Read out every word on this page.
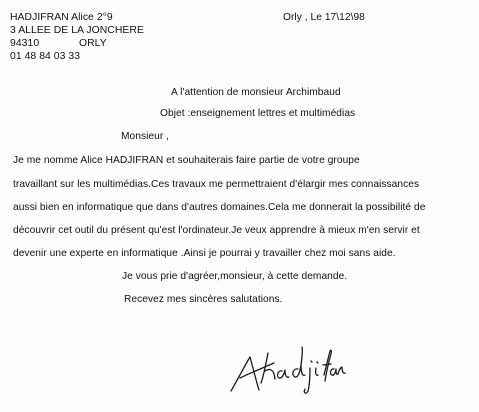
HADJIFRAN Alice 2°9
3 ALLEE DE LA JONCHERE
94310	ORLY
01 48 84 03 33
Orly , Le 17\12\98
A l'attention de monsieur Archimbaud
Objet :enseignement lettres et multimédias
Monsieur ,
Je me nomme Alice HADJIFRAN et souhaiterais faire partie de votre groupe
travaillant sur les multimédias.Ces travaux me permettraient d'élargir mes connaissances
aussi bien en informatique que dans d'autres domaines.Cela me donnerait la possibilité de
découvrir cet outil du présent qu'est l'ordinateur.Je veux apprendre à mieux m'en servir et
devenir une experte en informatique .Ainsi je pourrai y travailler chez moi sans aide.
Je vous prie d'agréer,monsieur, à cette demande.
Recevez mes sincères salutations.
